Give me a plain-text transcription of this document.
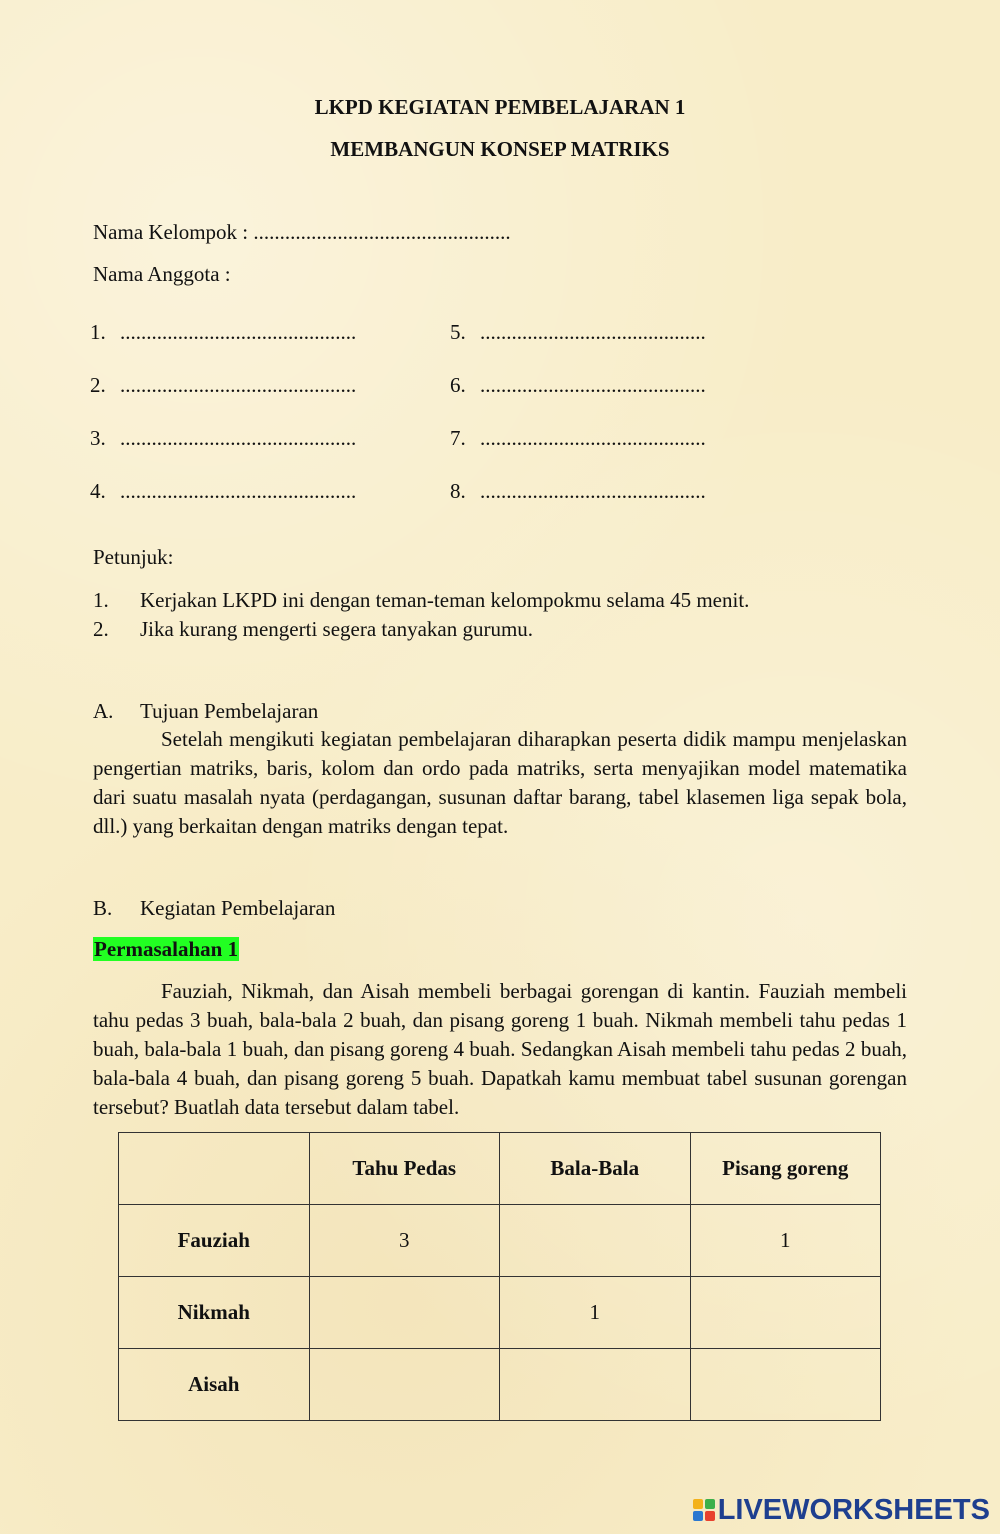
LKPD KEGIATAN PEMBELAJARAN 1
MEMBANGUN KONSEP MATRIKS
Nama Kelompok : .................................................
Nama Anggota :
1. .............................................	5. ...........................................
2. .............................................	6. ...........................................
3. .............................................	7. ...........................................
4. .............................................	8. ...........................................
Petunjuk:
1. Kerjakan LKPD ini dengan teman-teman kelompokmu selama 45 menit.
2. Jika kurang mengerti segera tanyakan gurumu.
A. Tujuan Pembelajaran
Setelah mengikuti kegiatan pembelajaran diharapkan peserta didik mampu menjelaskan pengertian matriks, baris, kolom dan ordo pada matriks, serta menyajikan model matematika dari suatu masalah nyata (perdagangan, susunan daftar barang, tabel klasemen liga sepak bola, dll.) yang berkaitan dengan matriks dengan tepat.
B. Kegiatan Pembelajaran
Permasalahan 1
Fauziah, Nikmah, dan Aisah membeli berbagai gorengan di kantin. Fauziah membeli tahu pedas 3 buah, bala-bala 2 buah, dan pisang goreng 1 buah. Nikmah membeli tahu pedas 1 buah, bala-bala 1 buah, dan pisang goreng 4 buah. Sedangkan Aisah membeli tahu pedas 2 buah, bala-bala 4 buah, dan pisang goreng 5 buah. Dapatkah kamu membuat tabel susunan gorengan tersebut? Buatlah data tersebut dalam tabel.
	Tahu Pedas	Bala-Bala	Pisang goreng
Fauziah	3		1
Nikmah		1	
Aisah			
LIVEWORKSHEETS
